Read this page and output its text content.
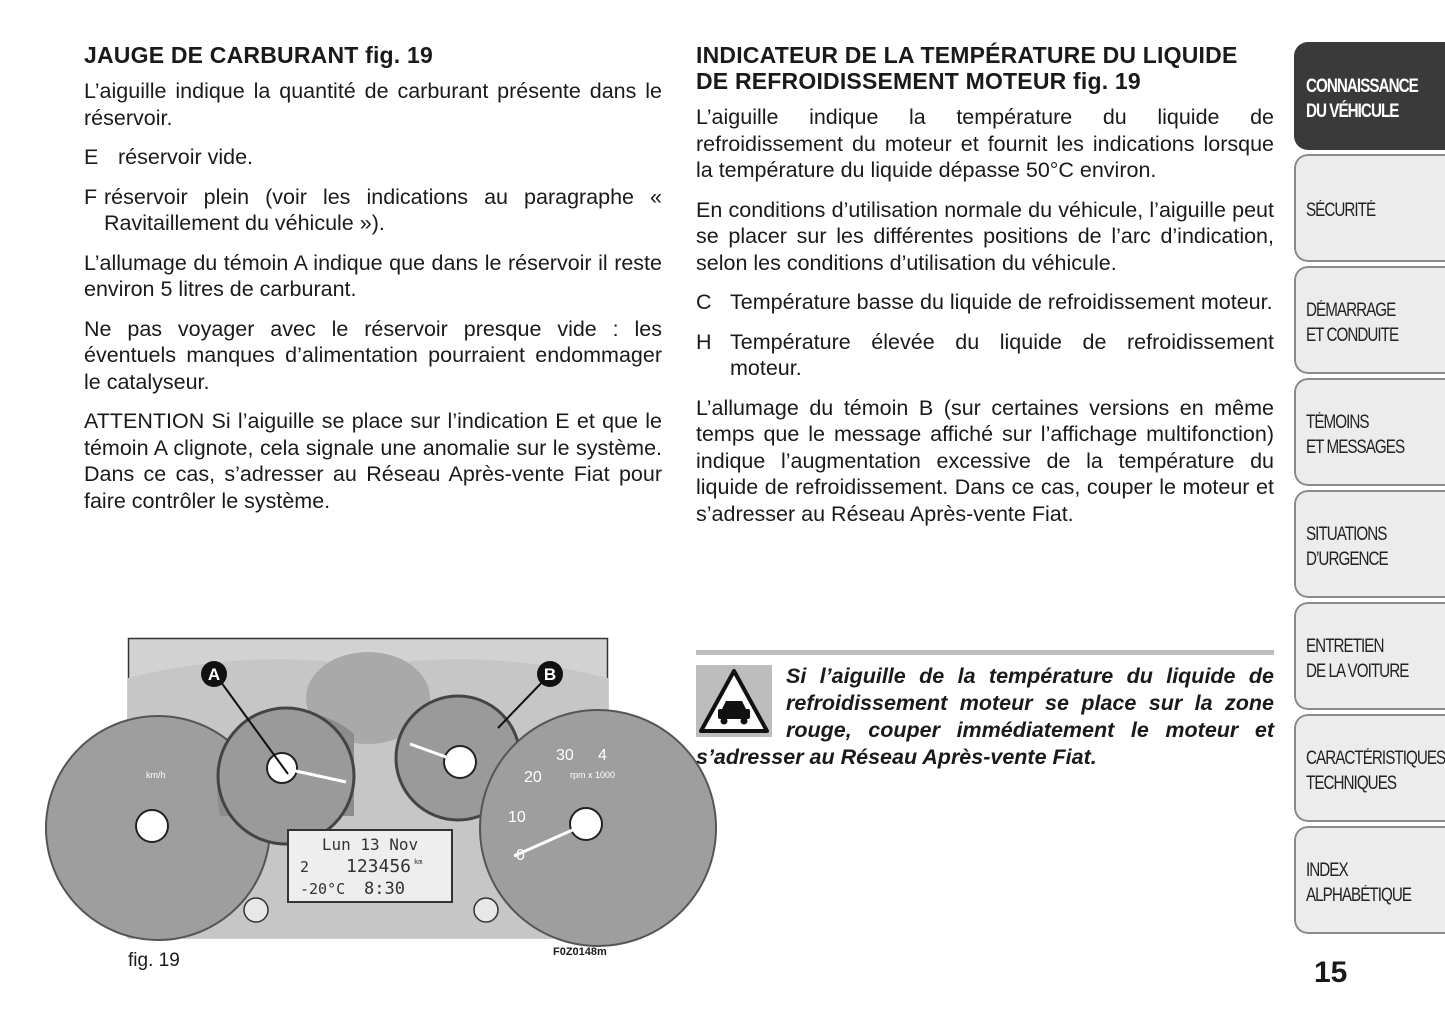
JAUGE DE CARBURANT fig. 19

L’aiguille indique la quantité de carburant présente dans le réservoir.

E réservoir vide.
F réservoir plein (voir les indications au paragraphe « Ravitaillement du véhicule »).

L’allumage du témoin A indique que dans le réservoir il reste environ 5 litres de carburant.

Ne pas voyager avec le réservoir presque vide : les éventuels manques d’alimentation pourraient endommager le catalyseur.

ATTENTION Si l’aiguille se place sur l’indication E et que le témoin A clignote, cela signale une anomalie sur le système. Dans ce cas, s’adresser au Réseau Après-vente Fiat pour faire contrôler le système.

INDICATEUR DE LA TEMPÉRATURE DU LIQUIDE DE REFROIDISSEMENT MOTEUR fig. 19

L’aiguille indique la température du liquide de refroidissement du moteur et fournit les indications lorsque la température du liquide dépasse 50°C environ.

En conditions d’utilisation normale du véhicule, l’aiguille peut se placer sur les différentes positions de l’arc d’indication, selon les conditions d’utilisation du véhicule.

C Température basse du liquide de refroidissement moteur.
H Température élevée du liquide de refroidissement moteur.

L’allumage du témoin B (sur certaines versions en même temps que le message affiché sur l’affichage multifonction) indique l’augmentation excessive de la température du liquide de refroidissement. Dans ce cas, couper le moteur et s’adresser au Réseau Après-vente Fiat.

Si l’aiguille de la température du liquide de refroidissement moteur se place sur la zone rouge, couper immédiatement le moteur et s’adresser au Réseau Après-vente Fiat.

A	B
km/h	rpm x 1000
0
10
20
30 4
Lun 13 Nov
2 123456 km
-20°C 8:30
fig. 19	F0Z0148m
CONNAISSANCE
DU VÉHICULE
SÉCURITÉ
DÉMARRAGE
ET CONDUITE
TÉMOINS
ET MESSAGES
SITUATIONS
D’URGENCE
ENTRETIEN
DE LA VOITURE
CARACTÉRISTIQUES
TECHNIQUES
INDEX
ALPHABÉTIQUE
15
